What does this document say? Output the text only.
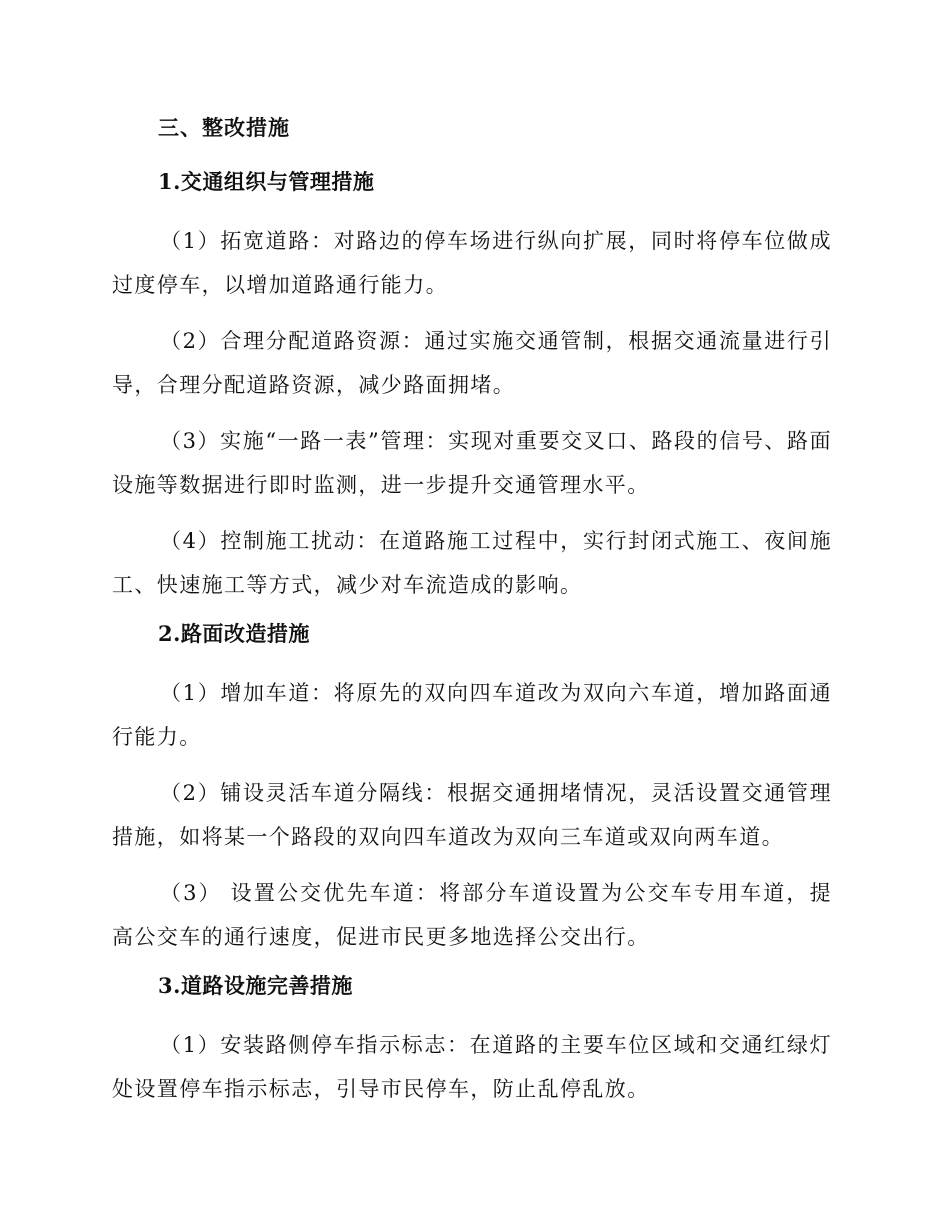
三、整改措施
1.交通组织与管理措施
（1）拓宽道路：对路边的停车场进行纵向扩展，同时将停车位做成过度停车，以增加道路通行能力。
（2）合理分配道路资源：通过实施交通管制，根据交通流量进行引导，合理分配道路资源，减少路面拥堵。
（3）实施“一路一表”管理：实现对重要交叉口、路段的信号、路面设施等数据进行即时监测，进一步提升交通管理水平。
（4）控制施工扰动：在道路施工过程中，实行封闭式施工、夜间施工、快速施工等方式，减少对车流造成的影响。
2.路面改造措施
（1）增加车道：将原先的双向四车道改为双向六车道，增加路面通行能力。
（2）铺设灵活车道分隔线：根据交通拥堵情况，灵活设置交通管理措施，如将某一个路段的双向四车道改为双向三车道或双向两车道。
（3） 设置公交优先车道：将部分车道设置为公交车专用车道，提高公交车的通行速度，促进市民更多地选择公交出行。
3.道路设施完善措施
（1）安装路侧停车指示标志：在道路的主要车位区域和交通红绿灯处设置停车指示标志，引导市民停车，防止乱停乱放。
